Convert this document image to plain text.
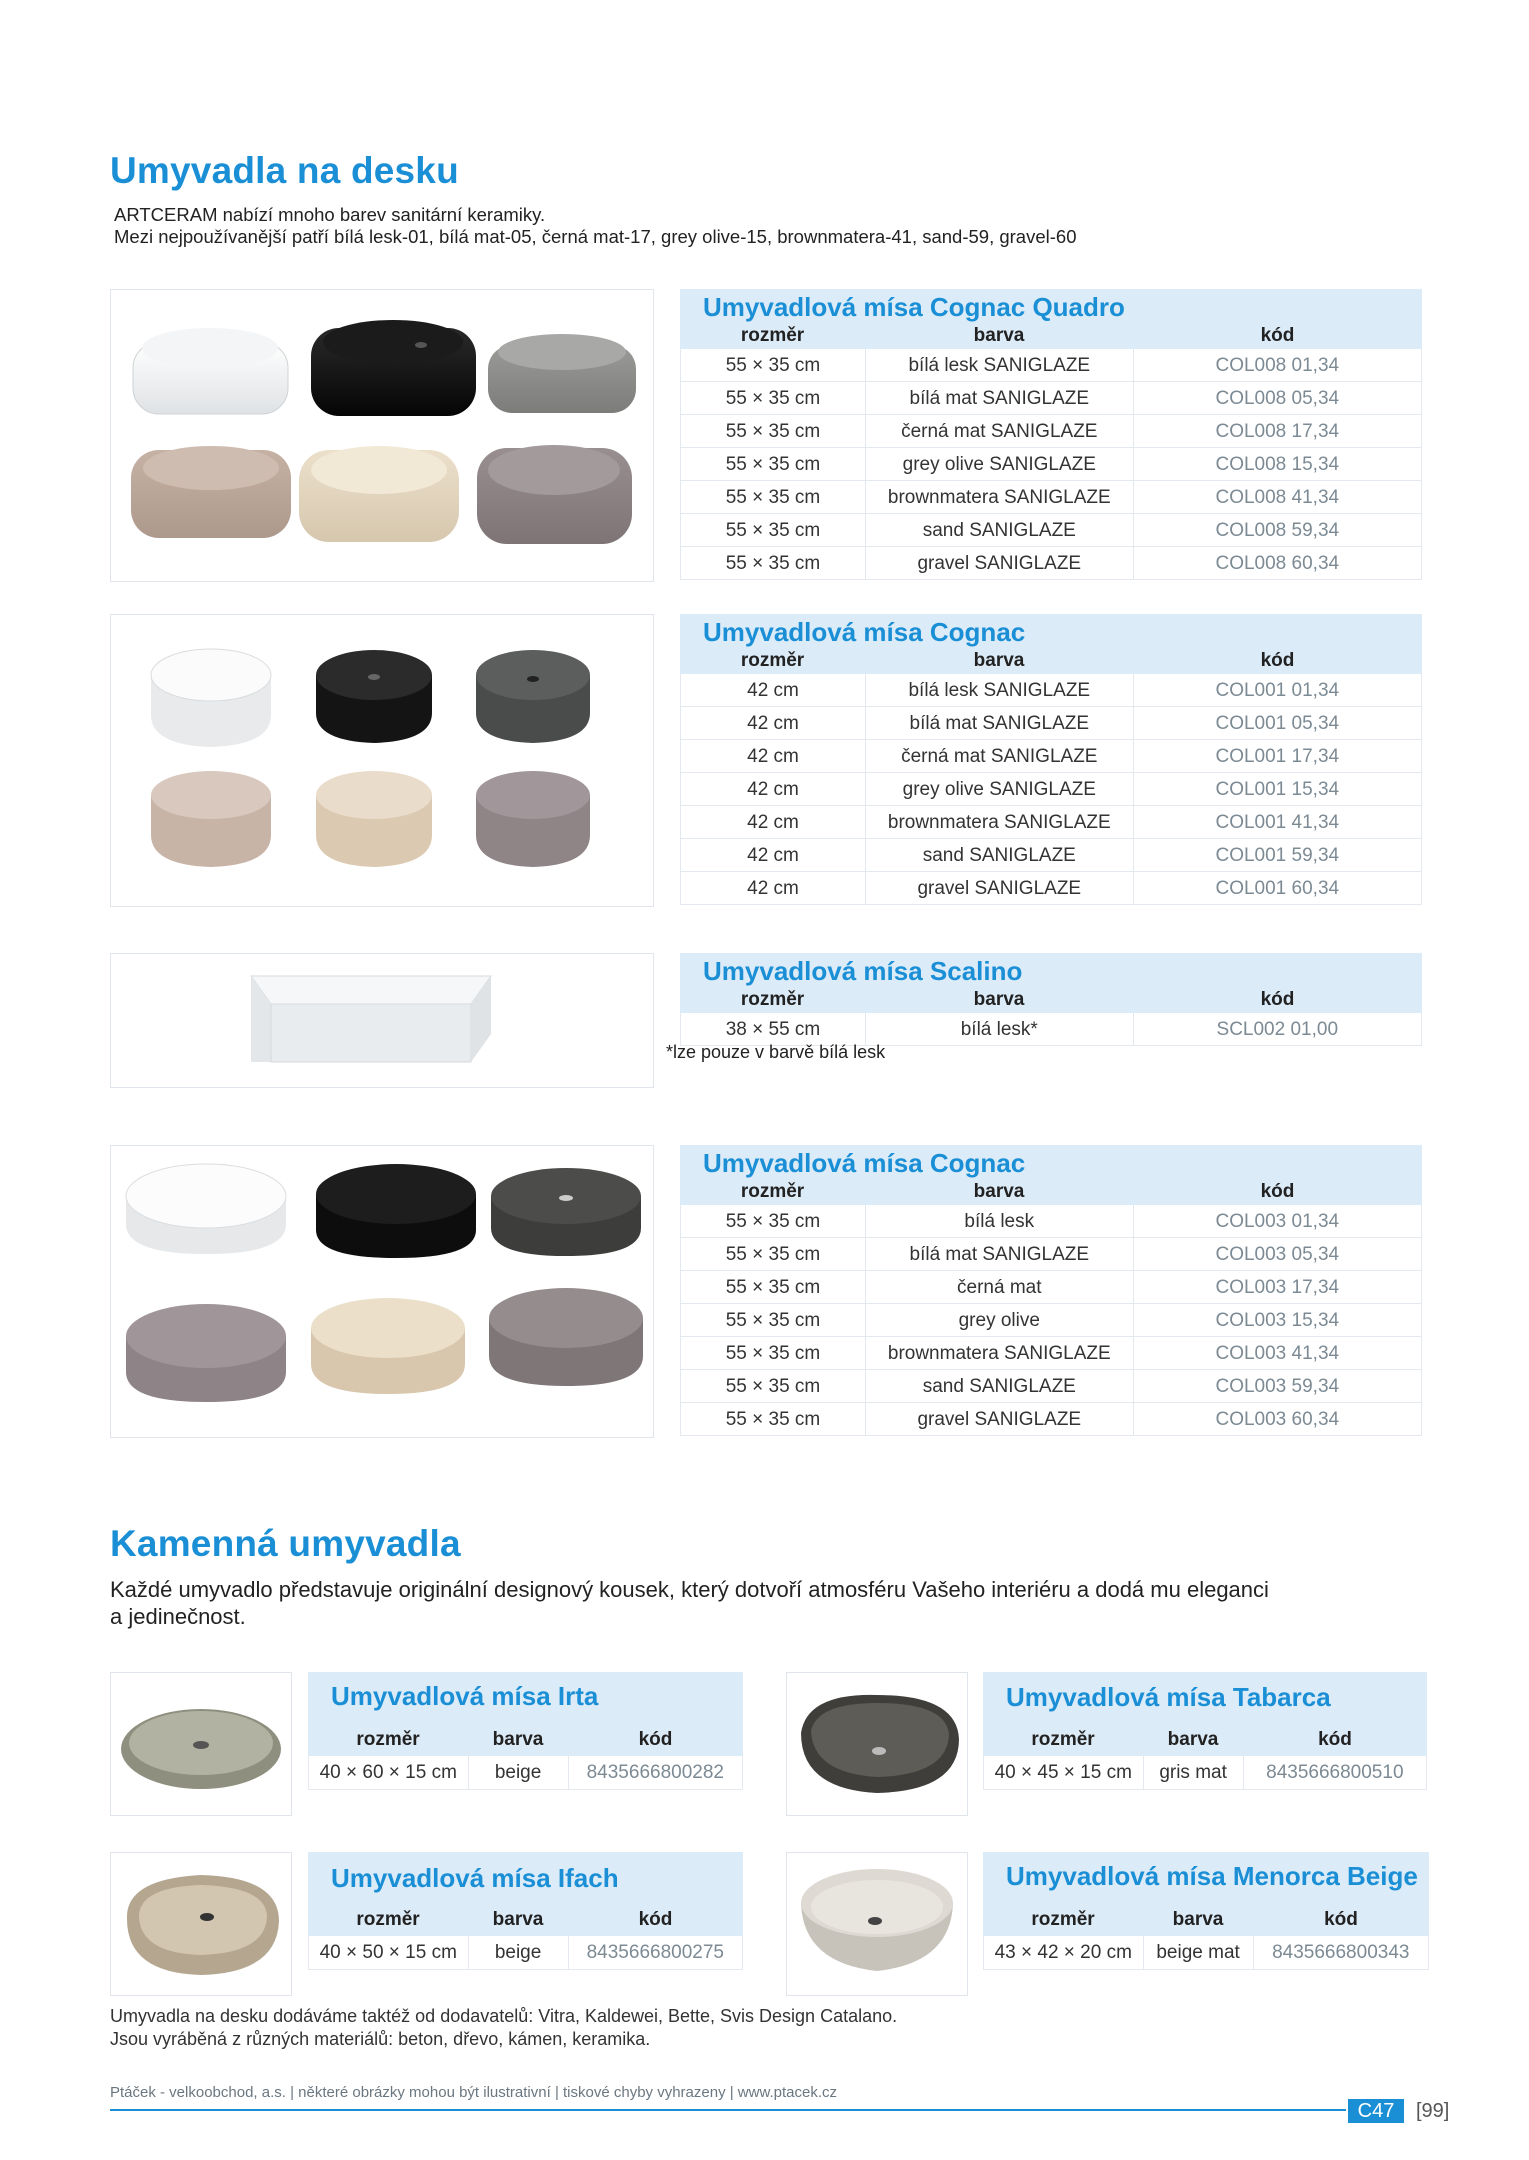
Umyvadla na desku
ARTCERAM nabízí mnoho barev sanitární keramiky.
Mezi nejpoužívanější patří bílá lesk-01, bílá mat-05, černá mat-17, grey olive-15, brownmatera-41, sand-59, gravel-60
Umyvadlová mísa Cognac Quadro
rozměr	barva	kód
55 × 35 cm	bílá lesk SANIGLAZE	COL008 01,34
55 × 35 cm	bílá mat SANIGLAZE	COL008 05,34
55 × 35 cm	černá mat SANIGLAZE	COL008 17,34
55 × 35 cm	grey olive SANIGLAZE	COL008 15,34
55 × 35 cm	brownmatera SANIGLAZE	COL008 41,34
55 × 35 cm	sand SANIGLAZE	COL008 59,34
55 × 35 cm	gravel SANIGLAZE	COL008 60,34
Umyvadlová mísa Cognac
rozměr	barva	kód
42 cm	bílá lesk SANIGLAZE	COL001 01,34
42 cm	bílá mat SANIGLAZE	COL001 05,34
42 cm	černá mat SANIGLAZE	COL001 17,34
42 cm	grey olive SANIGLAZE	COL001 15,34
42 cm	brownmatera SANIGLAZE	COL001 41,34
42 cm	sand SANIGLAZE	COL001 59,34
42 cm	gravel SANIGLAZE	COL001 60,34
Umyvadlová mísa Scalino
rozměr	barva	kód
38 × 55 cm	bílá lesk*	SCL002 01,00
*lze pouze v barvě bílá lesk
Umyvadlová mísa Cognac
rozměr	barva	kód
55 × 35 cm	bílá lesk	COL003 01,34
55 × 35 cm	bílá mat SANIGLAZE	COL003 05,34
55 × 35 cm	černá mat	COL003 17,34
55 × 35 cm	grey olive	COL003 15,34
55 × 35 cm	brownmatera SANIGLAZE	COL003 41,34
55 × 35 cm	sand SANIGLAZE	COL003 59,34
55 × 35 cm	gravel SANIGLAZE	COL003 60,34
Kamenná umyvadla
Každé umyvadlo představuje originální designový kousek, který dotvoří atmosféru Vašeho interiéru a dodá mu eleganci
a jedinečnost.
Umyvadlová mísa Irta
rozměr	barva	kód
40 × 60 × 15 cm	beige	8435666800282
Umyvadlová mísa Tabarca
rozměr	barva	kód
40 × 45 × 15 cm	gris mat	8435666800510
Umyvadlová mísa Ifach
rozměr	barva	kód
40 × 50 × 15 cm	beige	8435666800275
Umyvadlová mísa Menorca Beige
rozměr	barva	kód
43 × 42 × 20 cm	beige mat	8435666800343
Umyvadla na desku dodáváme taktéž od dodavatelů: Vitra, Kaldewei, Bette, Svis Design Catalano.
Jsou vyráběná z různých materiálů: beton, dřevo, kámen, keramika.
Ptáček - velkoobchod, a.s. | některé obrázky mohou být ilustrativní | tiskové chyby vyhrazeny | www.ptacek.cz
C47	[99]
